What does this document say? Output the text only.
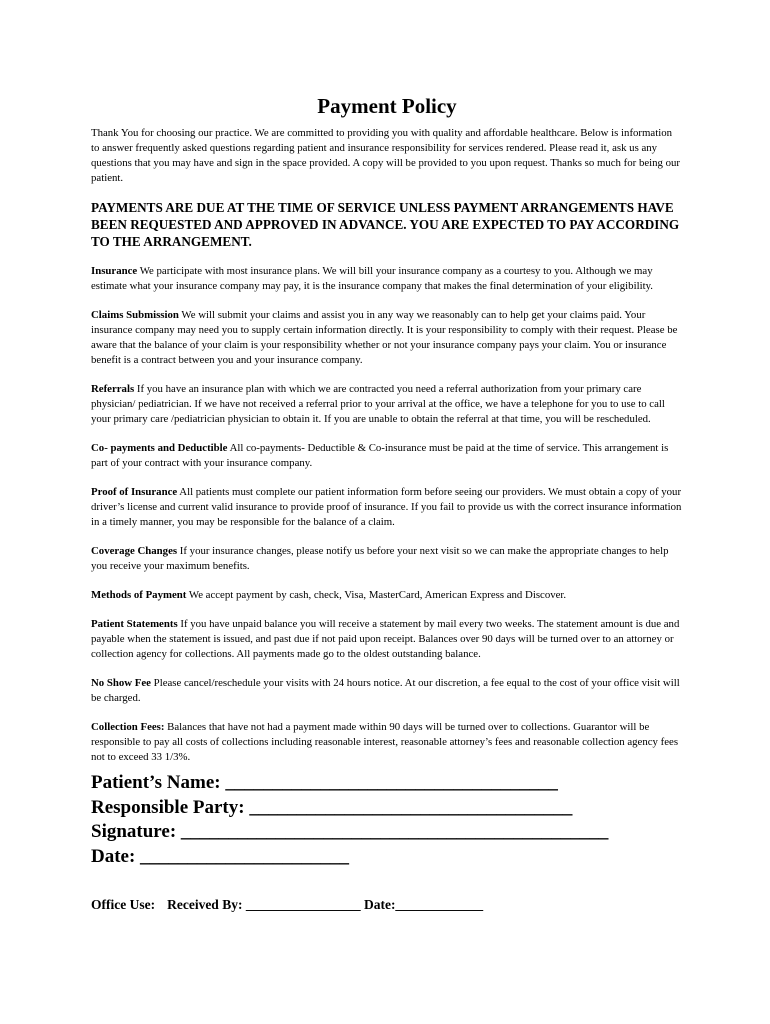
Payment Policy

Thank You for choosing our practice. We are committed to providing you with quality and affordable healthcare. Below is information to answer frequently asked questions regarding patient and insurance responsibility for services rendered. Please read it, ask us any questions that you may have and sign in the space provided. A copy will be provided to you upon request. Thanks so much for being our patient.

PAYMENTS ARE DUE AT THE TIME OF SERVICE UNLESS PAYMENT ARRANGEMENTS HAVE BEEN REQUESTED AND APPROVED IN ADVANCE. YOU ARE EXPECTED TO PAY ACCORDING TO THE ARRANGEMENT.

Insurance We participate with most insurance plans. We will bill your insurance company as a courtesy to you. Although we may estimate what your insurance company may pay, it is the insurance company that makes the final determination of your eligibility.

Claims Submission We will submit your claims and assist you in any way we reasonably can to help get your claims paid. Your insurance company may need you to supply certain information directly. It is your responsibility to comply with their request. Please be aware that the balance of your claim is your responsibility whether or not your insurance company pays your claim. You or insurance benefit is a contract between you and your insurance company.

Referrals If you have an insurance plan with which we are contracted you need a referral authorization from your primary care physician/ pediatrician. If we have not received a referral prior to your arrival at the office, we have a telephone for you to use to call your primary care /pediatrician physician to obtain it. If you are unable to obtain the referral at that time, you will be rescheduled.

Co- payments and Deductible All co-payments- Deductible & Co-insurance must be paid at the time of service. This arrangement is part of your contract with your insurance company.

Proof of Insurance All patients must complete our patient information form before seeing our providers. We must obtain a copy of your driver’s license and current valid insurance to provide proof of insurance. If you fail to provide us with the correct insurance information in a timely manner, you may be responsible for the balance of a claim.

Coverage Changes If your insurance changes, please notify us before your next visit so we can make the appropriate changes to help you receive your maximum benefits.

Methods of Payment We accept payment by cash, check, Visa, MasterCard, American Express and Discover.

Patient Statements If you have unpaid balance you will receive a statement by mail every two weeks. The statement amount is due and payable when the statement is issued, and past due if not paid upon receipt. Balances over 90 days will be turned over to an attorney or collection agency for collections. All payments made go to the oldest outstanding balance.

No Show Fee Please cancel/reschedule your visits with 24 hours notice. At our discretion, a fee equal to the cost of your office visit will be charged.

Collection Fees: Balances that have not had a payment made within 90 days will be turned over to collections. Guarantor will be responsible to pay all costs of collections including reasonable interest, reasonable attorney’s fees and reasonable collection agency fees not to exceed 33 1/3%.

Patient’s Name: ___________________________________
Responsible Party: __________________________________
Signature: _____________________________________________
Date: ______________________
Office Use: Received By: _________________ Date:_____________
